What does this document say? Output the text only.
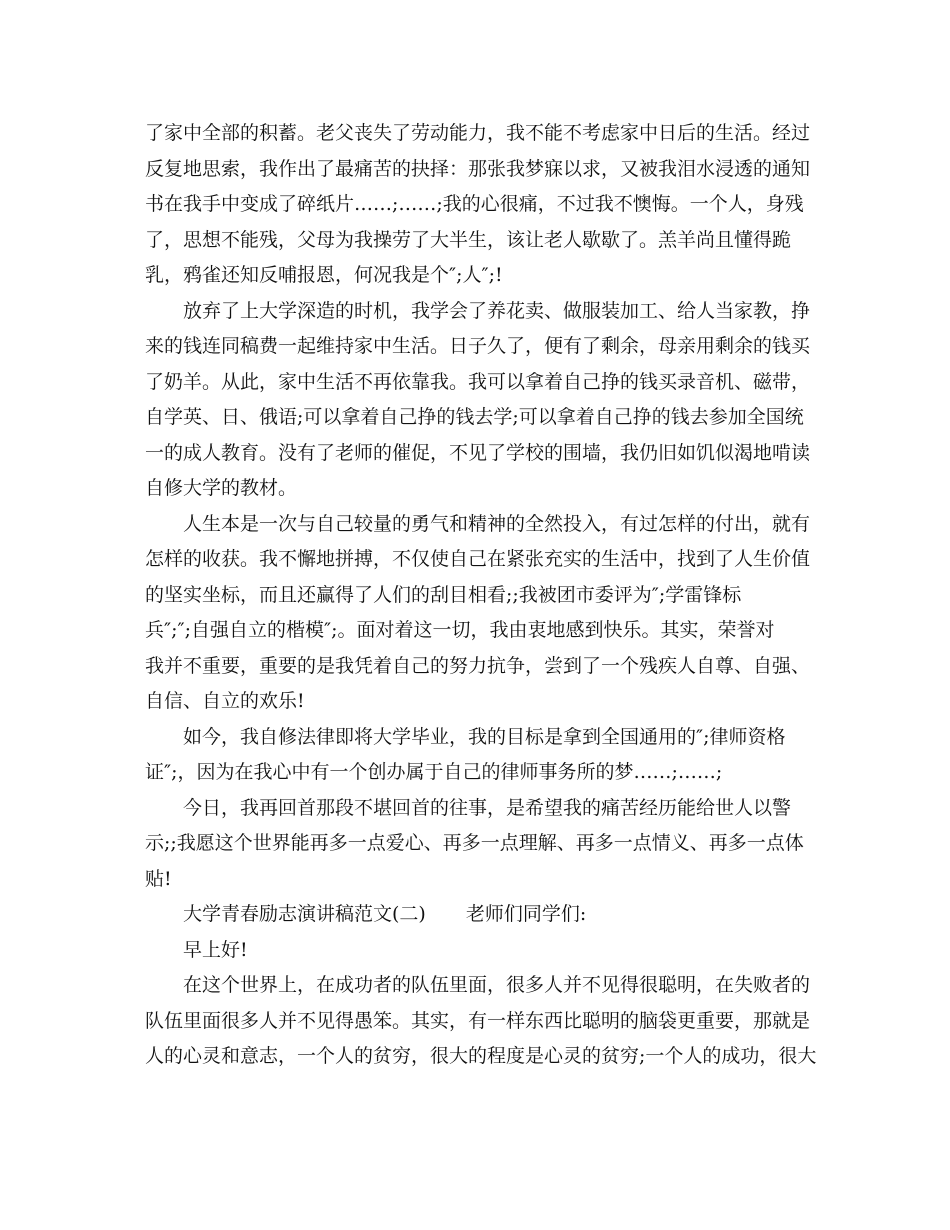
了家中全部的积蓄。老父丧失了劳动能力，我不能不考虑家中日后的生活。经过
反复地思索，我作出了最痛苦的抉择：那张我梦寐以求，又被我泪水浸透的通知
书在我手中变成了碎纸片……;……;我的心很痛，不过我不懊悔。一个人，身残
了，思想不能残，父母为我操劳了大半生，该让老人歇歇了。羔羊尚且懂得跪
乳，鸦雀还知反哺报恩，何况我是个″;人″;!
放弃了上大学深造的时机，我学会了养花卖、做服装加工、给人当家教，挣
来的钱连同稿费一起维持家中生活。日子久了，便有了剩余，母亲用剩余的钱买
了奶羊。从此，家中生活不再依靠我。我可以拿着自己挣的钱买录音机、磁带，
自学英、日、俄语;可以拿着自己挣的钱去学;可以拿着自己挣的钱去参加全国统
一的成人教育。没有了老师的催促，不见了学校的围墙，我仍旧如饥似渴地啃读
自修大学的教材。
人生本是一次与自己较量的勇气和精神的全然投入，有过怎样的付出，就有
怎样的收获。我不懈地拼搏，不仅使自己在紧张充实的生活中，找到了人生价值
的坚实坐标，而且还赢得了人们的刮目相看;;我被团市委评为″;学雷锋标
兵″;″;自强自立的楷模″;。面对着这一切，我由衷地感到快乐。其实，荣誉对
我并不重要，重要的是我凭着自己的努力抗争，尝到了一个残疾人自尊、自强、
自信、自立的欢乐!
如今，我自修法律即将大学毕业，我的目标是拿到全国通用的″;律师资格
证″;，因为在我心中有一个创办属于自己的律师事务所的梦……;……;
今日，我再回首那段不堪回首的往事，是希望我的痛苦经历能给世人以警
示;;我愿这个世界能再多一点爱心、再多一点理解、再多一点情义、再多一点体
贴!
大学青春励志演讲稿范文(二) 老师们同学们:
早上好!
在这个世界上，在成功者的队伍里面，很多人并不见得很聪明，在失败者的
队伍里面很多人并不见得愚笨。其实，有一样东西比聪明的脑袋更重要，那就是
人的心灵和意志，一个人的贫穷，很大的程度是心灵的贫穷;一个人的成功，很大
